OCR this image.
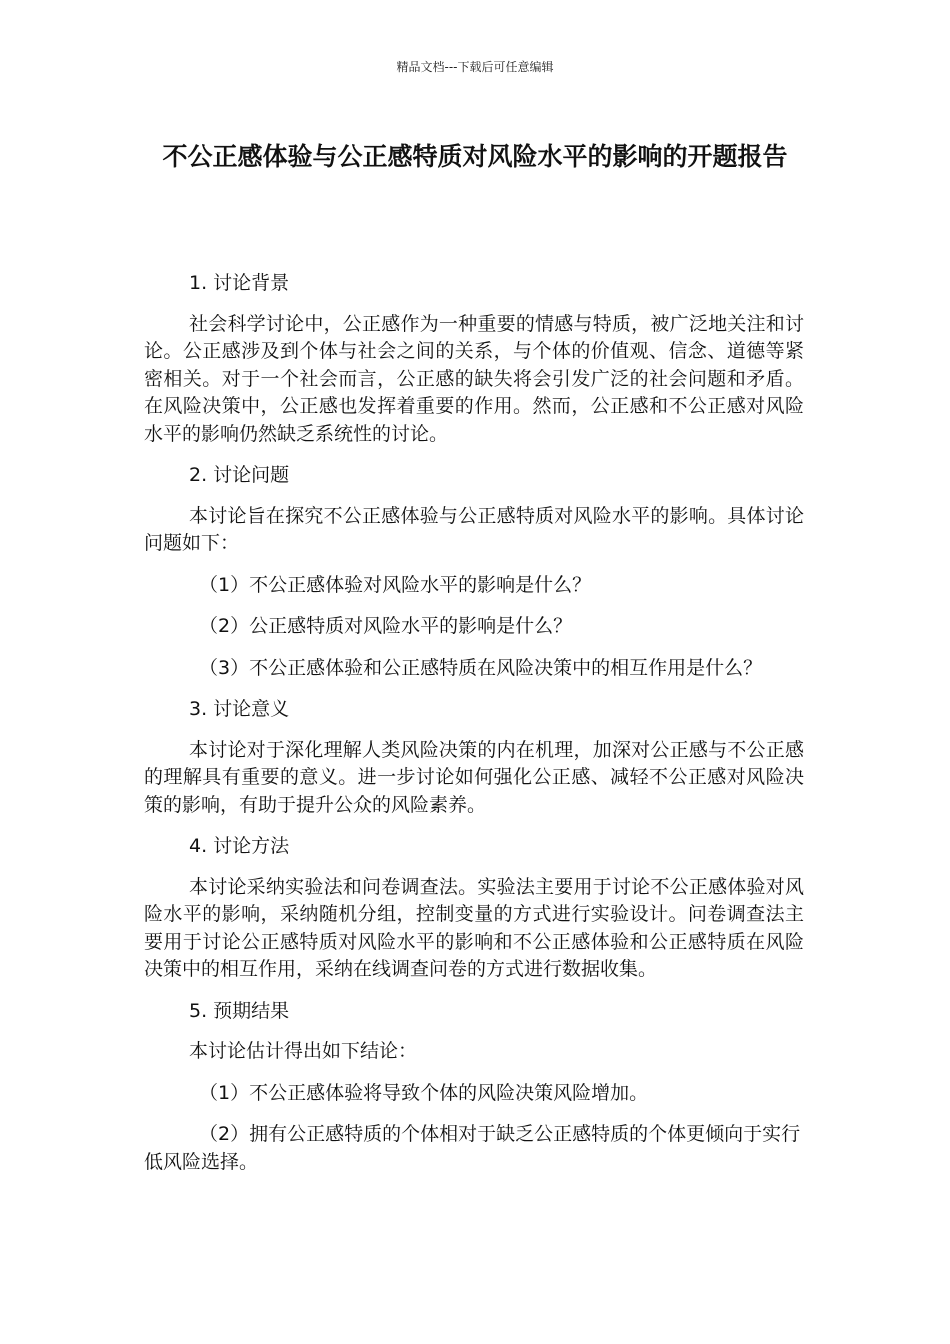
精品文档---下载后可任意编辑
不公正感体验与公正感特质对风险水平的影响的开题报告

1. 讨论背景

社会科学讨论中，公正感作为一种重要的情感与特质，被广泛地关注和讨论。公正感涉及到个体与社会之间的关系，与个体的价值观、信念、道德等紧密相关。对于一个社会而言，公正感的缺失将会引发广泛的社会问题和矛盾。在风险决策中，公正感也发挥着重要的作用。然而，公正感和不公正感对风险水平的影响仍然缺乏系统性的讨论。

2. 讨论问题

本讨论旨在探究不公正感体验与公正感特质对风险水平的影响。具体讨论问题如下：

（1）不公正感体验对风险水平的影响是什么？

（2）公正感特质对风险水平的影响是什么？

（3）不公正感体验和公正感特质在风险决策中的相互作用是什么？

3. 讨论意义

本讨论对于深化理解人类风险决策的内在机理，加深对公正感与不公正感的理解具有重要的意义。进一步讨论如何强化公正感、减轻不公正感对风险决策的影响，有助于提升公众的风险素养。

4. 讨论方法

本讨论采纳实验法和问卷调查法。实验法主要用于讨论不公正感体验对风险水平的影响，采纳随机分组，控制变量的方式进行实验设计。问卷调查法主要用于讨论公正感特质对风险水平的影响和不公正感体验和公正感特质在风险决策中的相互作用，采纳在线调查问卷的方式进行数据收集。

5. 预期结果

本讨论估计得出如下结论：

（1）不公正感体验将导致个体的风险决策风险增加。

（2）拥有公正感特质的个体相对于缺乏公正感特质的个体更倾向于实行低风险选择。
